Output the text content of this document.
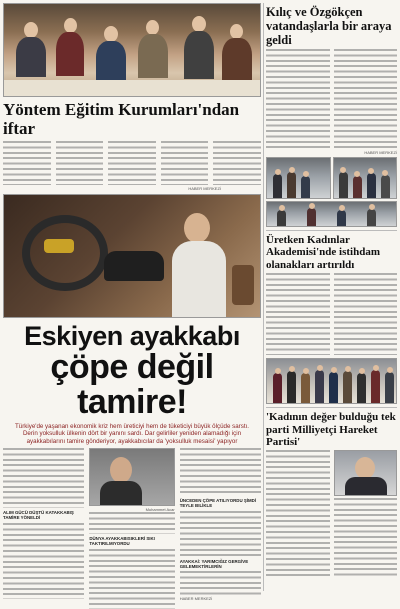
Yöntem Eğitim Kurumları'ndan iftar
HABER MERKEZİ
Eskiyen ayakkabı
çöpe değil tamire!
Türkiye'de yaşanan ekonomik kriz hem üreticiyi hem de tüketiciyi büyük ölçüde sarstı. Derin yoksulluk ülkenin dört bir yanını sardı. Dar gelirliler yeniden alamadığı için ayakkabılarını tamire gönderiyor, ayakkabıcılar da 'yoksulluk mesaisi' yapıyor
ALIM GÜCÜ DÜŞTÜ KATAKKABIŞ TAMİRE YÖNELDİ
Muhammet Acar
DÜNYA AYAKKABISIKLERİ SIKI TAKTIRILMIYORDU
ÜNCEDEN ÇÖPE ATILIYORDU ŞİMDİ TEYLE BILİKLE
AYAKKAİ: YARIMCIĞIZ GERGİVE GELEMEKTİRLERİN
HABER MERKEZİ
Kılıç ve Özgökçen vatandaşlarla bir araya geldi
HABER MERKEZİ
Üretken Kadınlar Akademisi'nde istihdam olanakları artırıldı
'Kadının değer bulduğu tek parti Milliyetçi Hareket Partisi'
